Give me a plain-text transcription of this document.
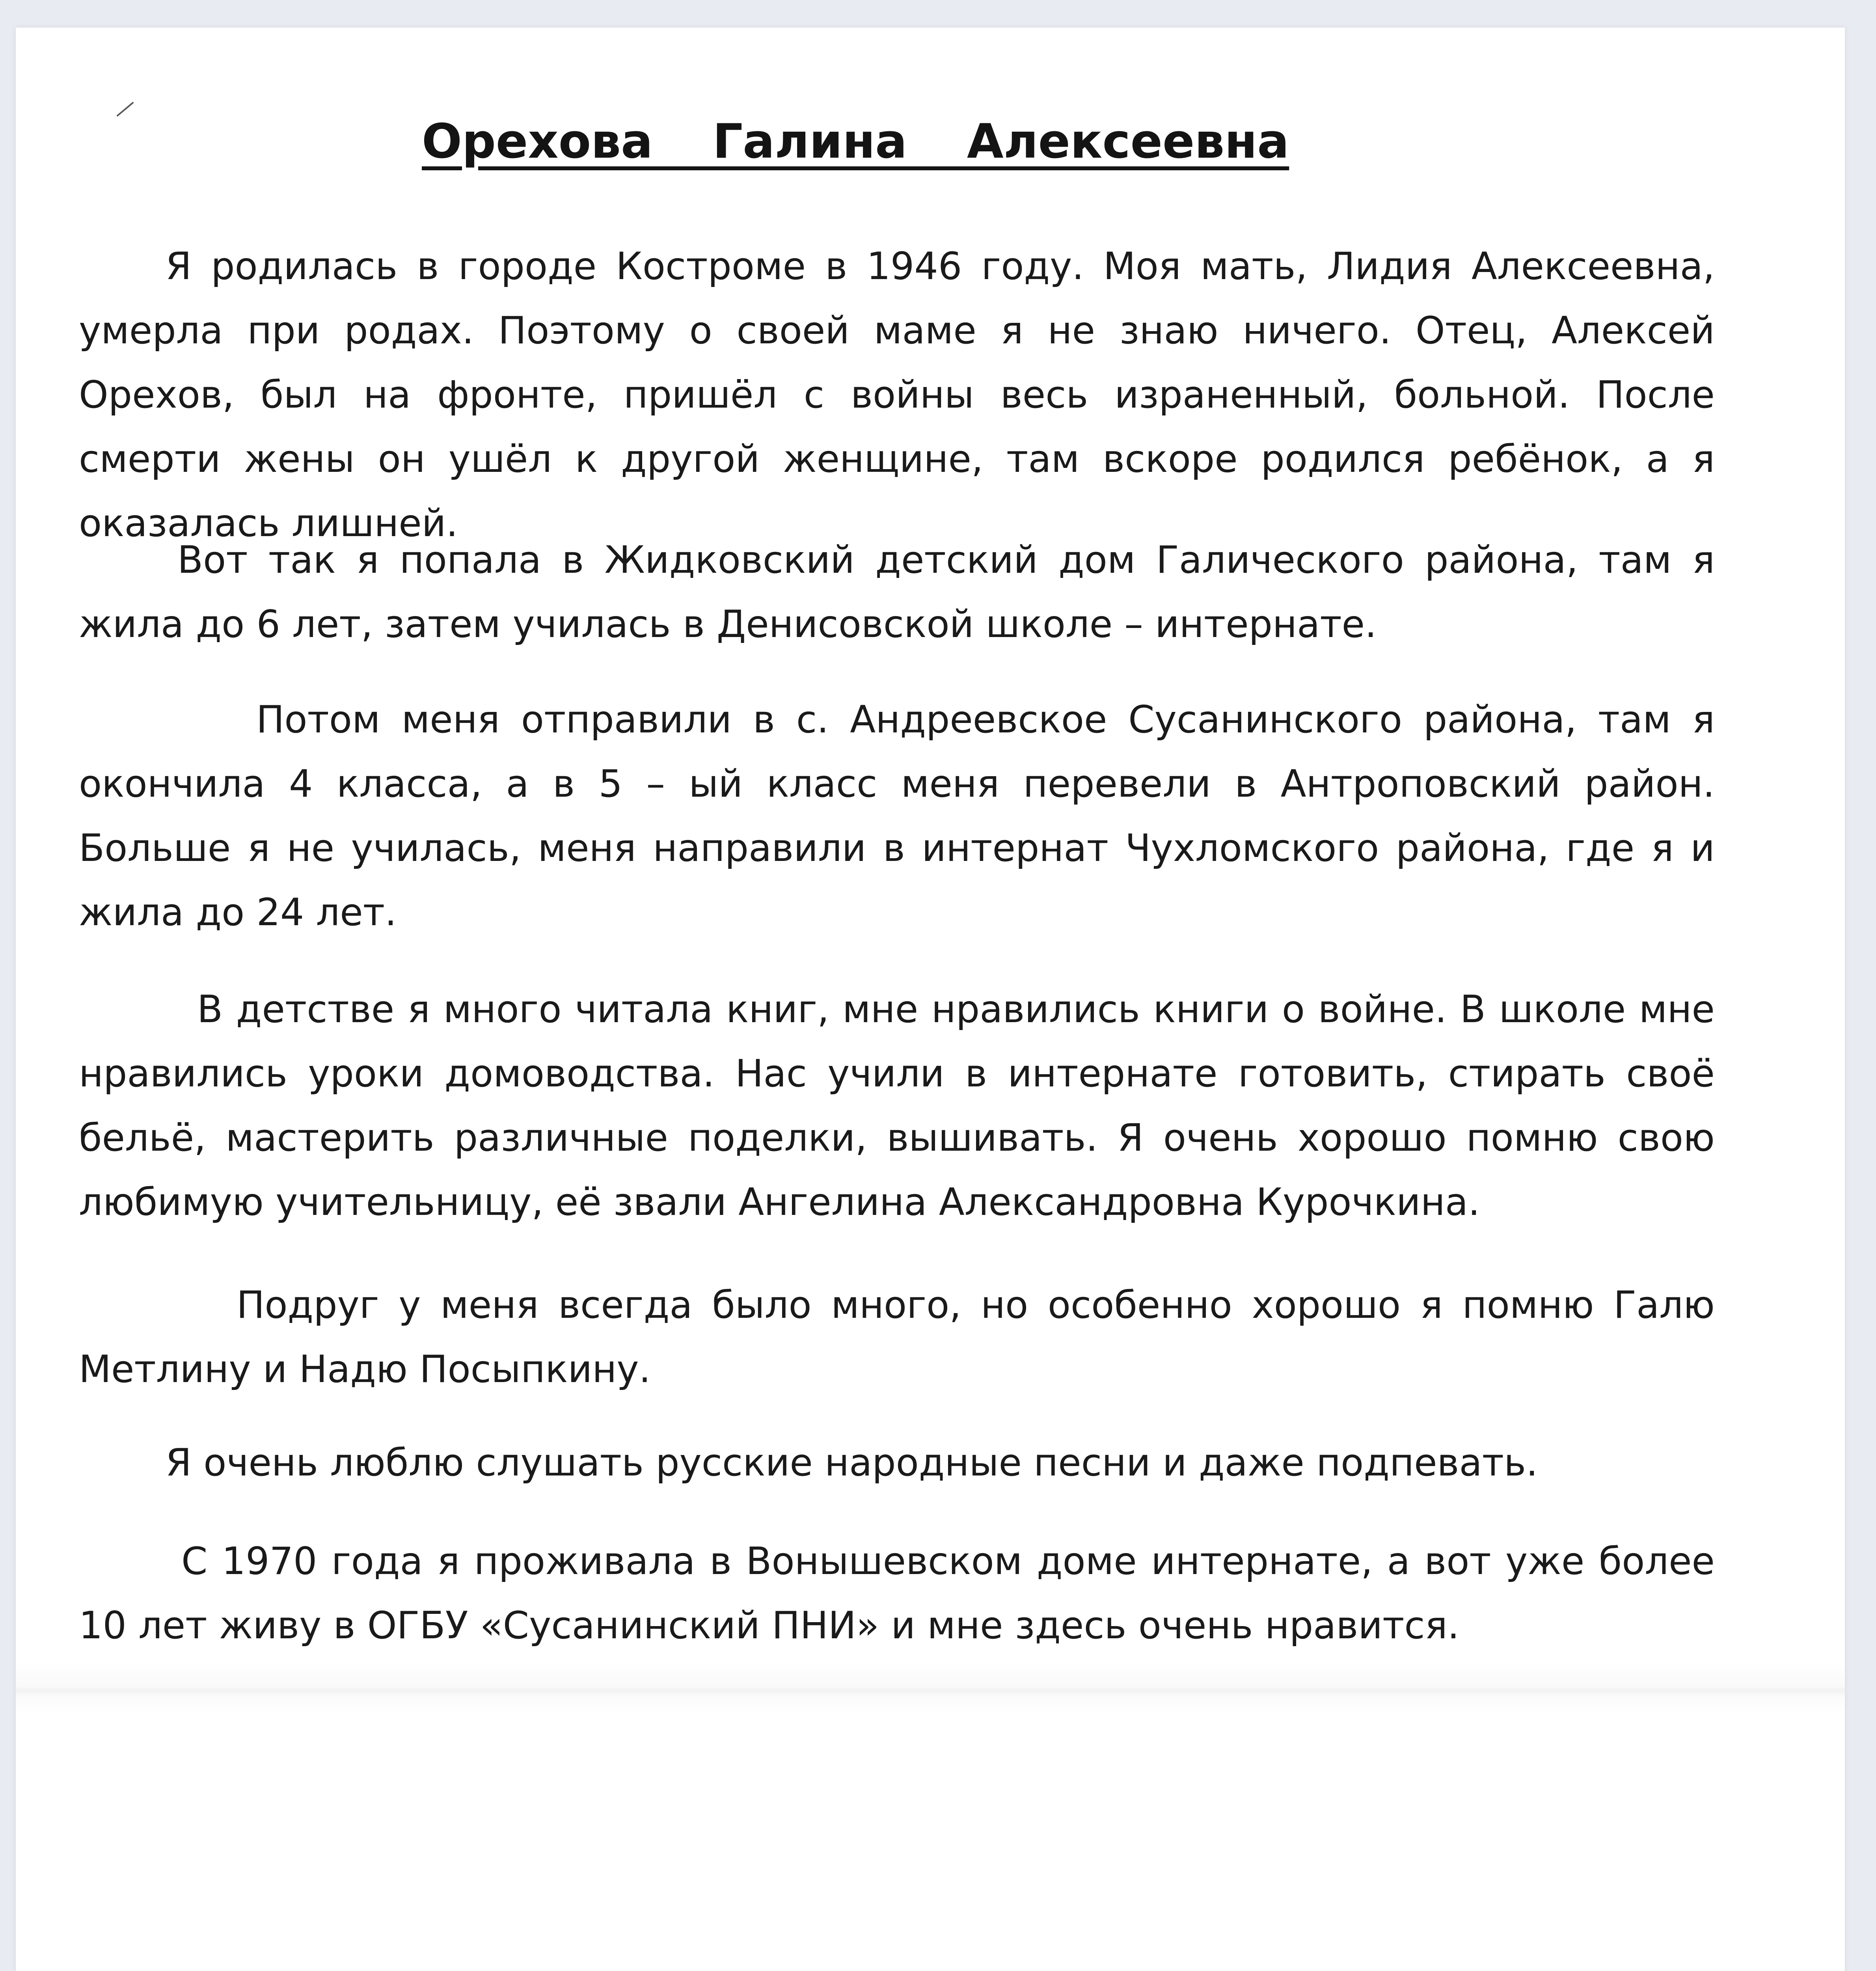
Орехова Галина Алексеевна

Я родилась в городе Костроме в 1946 году. Моя мать, Лидия Алексеевна, умерла при родах. Поэтому о своей маме я не знаю ничего. Отец, Алексей Орехов, был на фронте, пришёл с войны весь израненный, больной. После смерти жены он ушёл к другой женщине, там вскоре родился ребёнок, а я оказалась лишней.

Вот так я попала в Жидковский детский дом Галического района, там я жила до 6 лет, затем училась в Денисовской школе – интернате.

Потом меня отправили в с. Андреевское Сусанинского района, там я окончила 4 класса, а в 5 – ый класс меня перевели в Антроповский район. Больше я не училась, меня направили в интернат Чухломского района, где я и жила до 24 лет.

В детстве я много читала книг, мне нравились книги о войне. В школе мне нравились уроки домоводства. Нас учили в интернате готовить, стирать своё бельё, мастерить различные поделки, вышивать. Я очень хорошо помню свою любимую учительницу, её звали Ангелина Александровна Курочкина.

Подруг у меня всегда было много, но особенно хорошо я помню Галю Метлину и Надю Посыпкину.

Я очень люблю слушать русские народные песни и даже подпевать.

С 1970 года я проживала в Вонышевском доме интернате, а вот уже более 10 лет живу в ОГБУ «Сусанинский ПНИ» и мне здесь очень нравится.
